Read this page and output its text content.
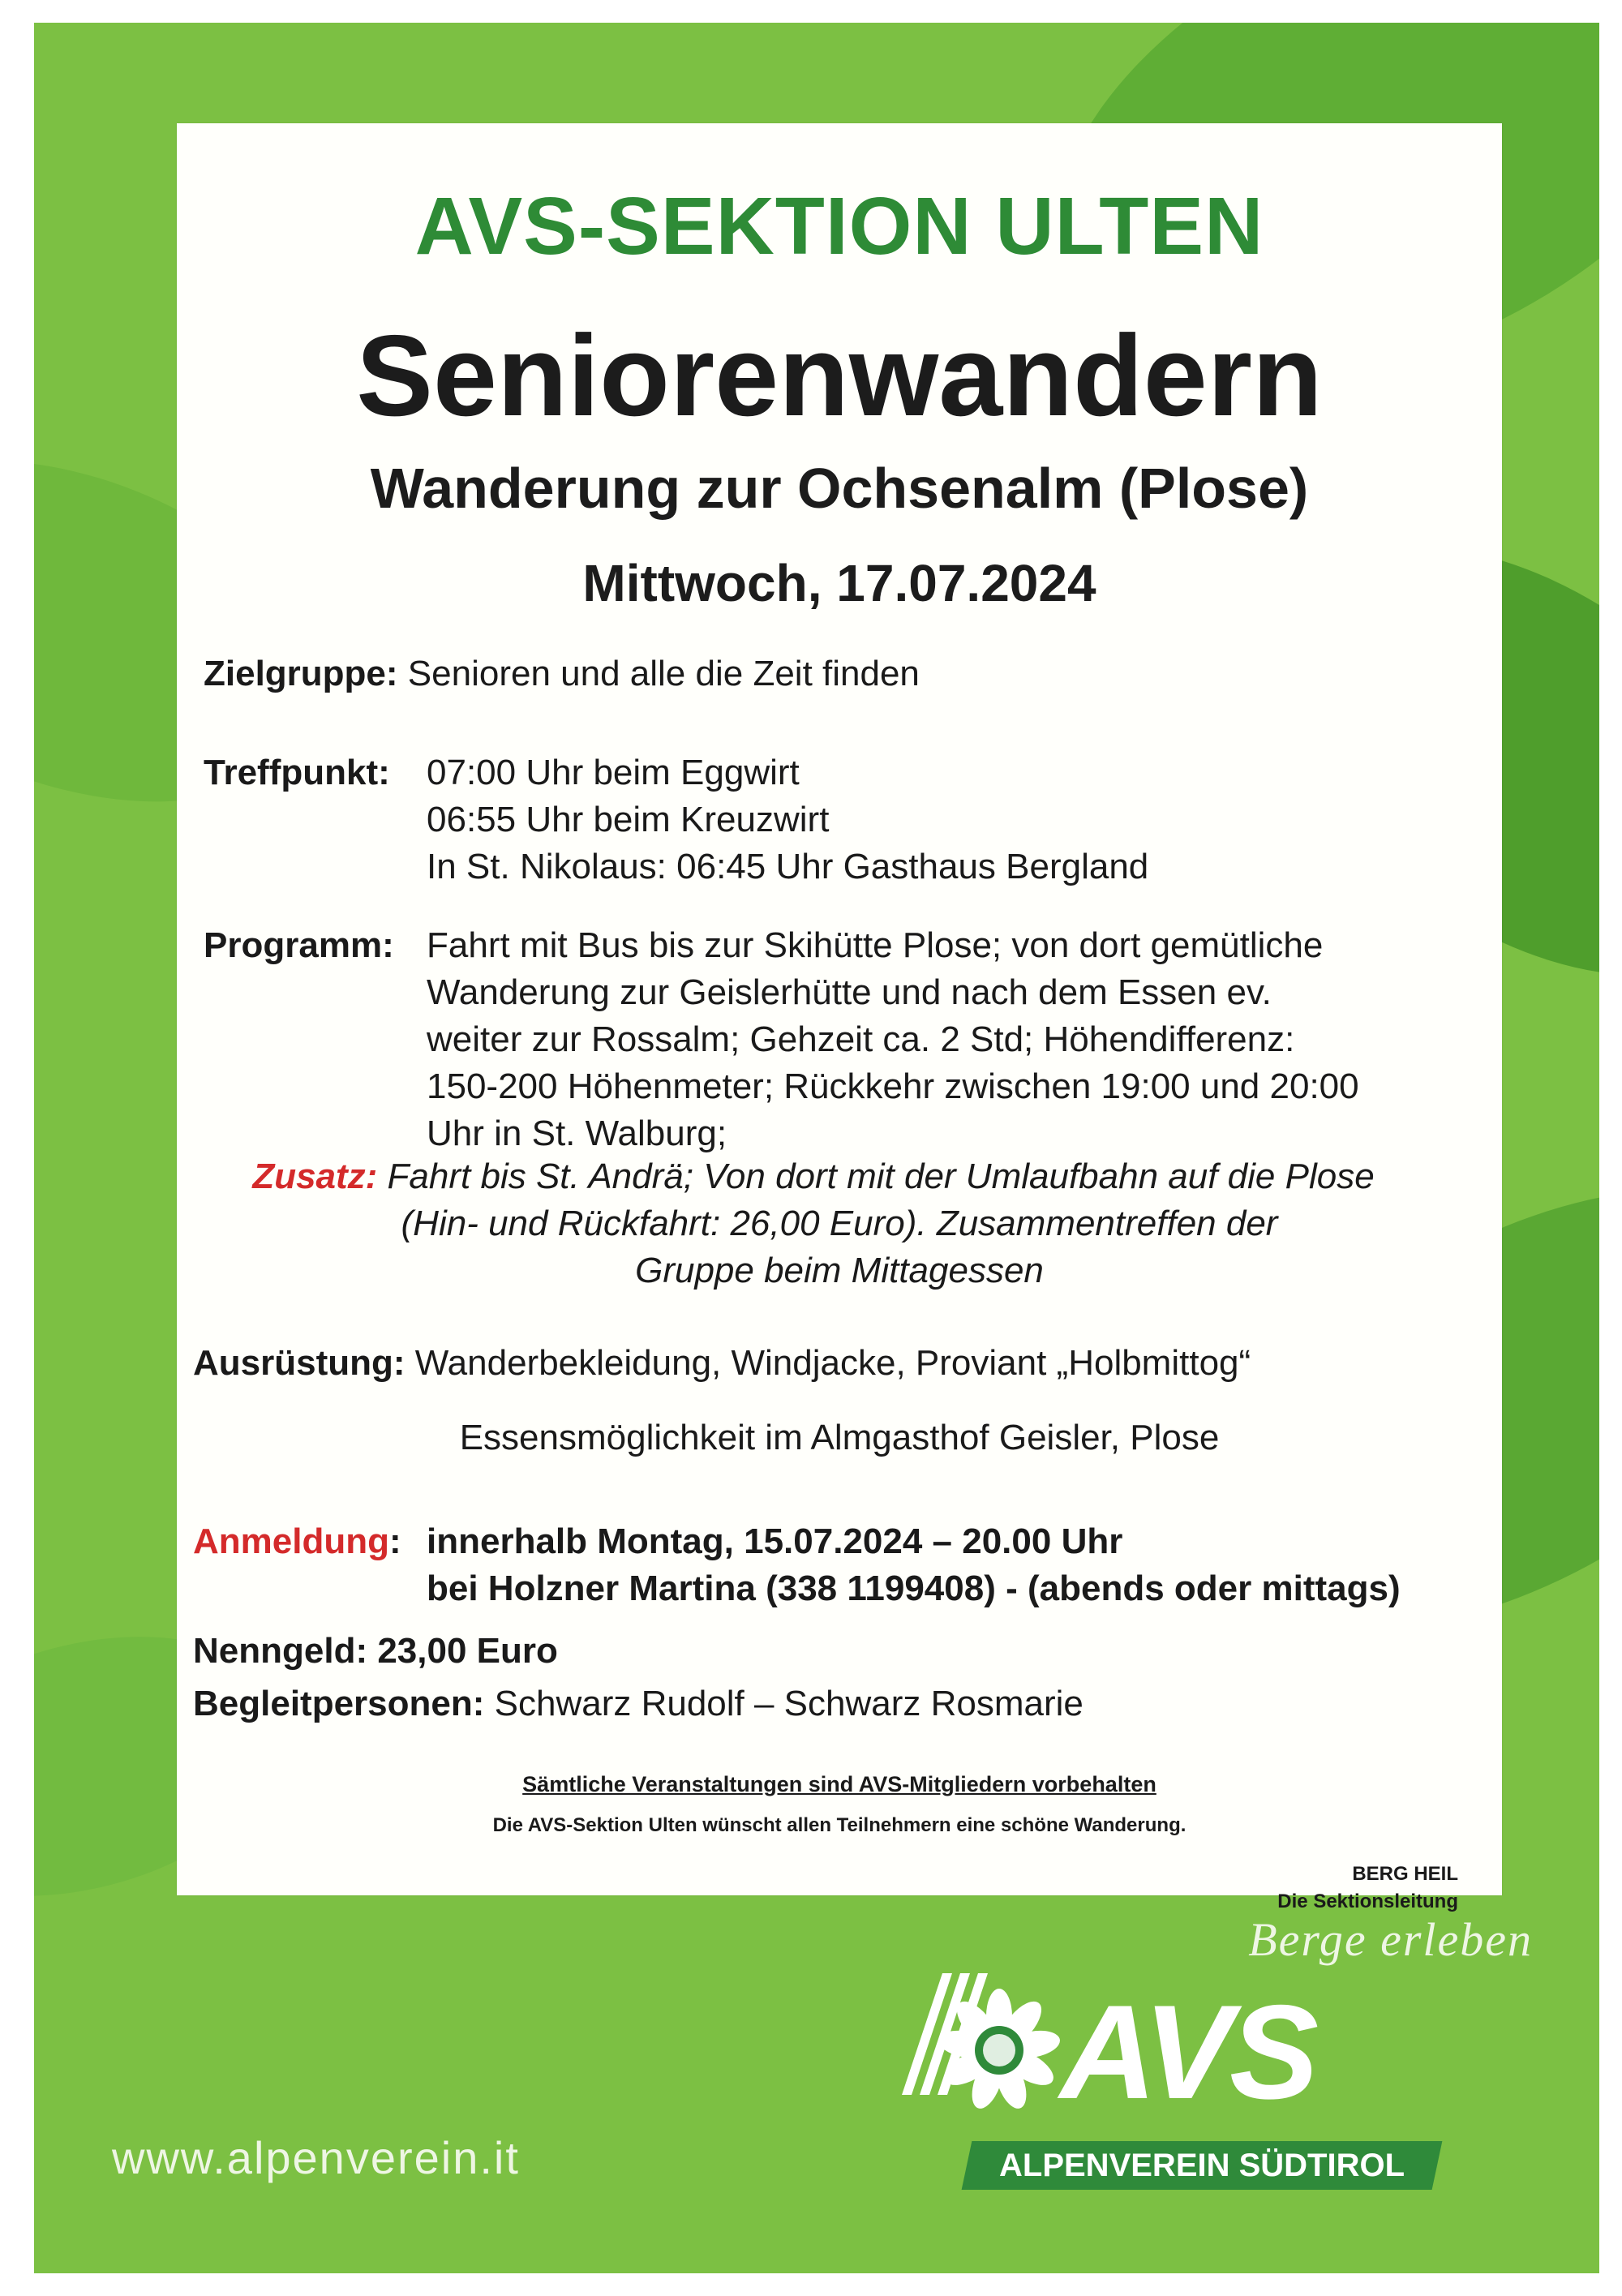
AVS-SEKTION ULTEN
Seniorenwandern
Wanderung zur Ochsenalm (Plose)
Mittwoch, 17.07.2024
Zielgruppe: Senioren und alle die Zeit finden
Treffpunkt: 07:00 Uhr beim Eggwirt
06:55 Uhr beim Kreuzwirt
In St. Nikolaus: 06:45 Uhr Gasthaus Bergland
Programm: Fahrt mit Bus bis zur Skihütte Plose; von dort gemütliche
Wanderung zur Geislerhütte und nach dem Essen ev.
weiter zur Rossalm; Gehzeit ca. 2 Std; Höhendifferenz:
150-200 Höhenmeter; Rückkehr zwischen 19:00 und 20:00
Uhr in St. Walburg;
Zusatz: Fahrt bis St. Andrä; Von dort mit der Umlaufbahn auf die Plose
(Hin- und Rückfahrt: 26,00 Euro). Zusammentreffen der
Gruppe beim Mittagessen
Ausrüstung: Wanderbekleidung, Windjacke, Proviant „Holbmittog“
Essensmöglichkeit im Almgasthof Geisler, Plose
Anmeldung: innerhalb Montag, 15.07.2024 – 20.00 Uhr
bei Holzner Martina (338 1199408) - (abends oder mittags)
Nenngeld: 23,00 Euro
Begleitpersonen: Schwarz Rudolf – Schwarz Rosmarie
Sämtliche Veranstaltungen sind AVS-Mitgliedern vorbehalten
Die AVS-Sektion Ulten wünscht allen Teilnehmern eine schöne Wanderung.
BERG HEIL
Die Sektionsleitung
Berge erleben
AVS
ALPENVEREIN SÜDTIROL
www.alpenverein.it
